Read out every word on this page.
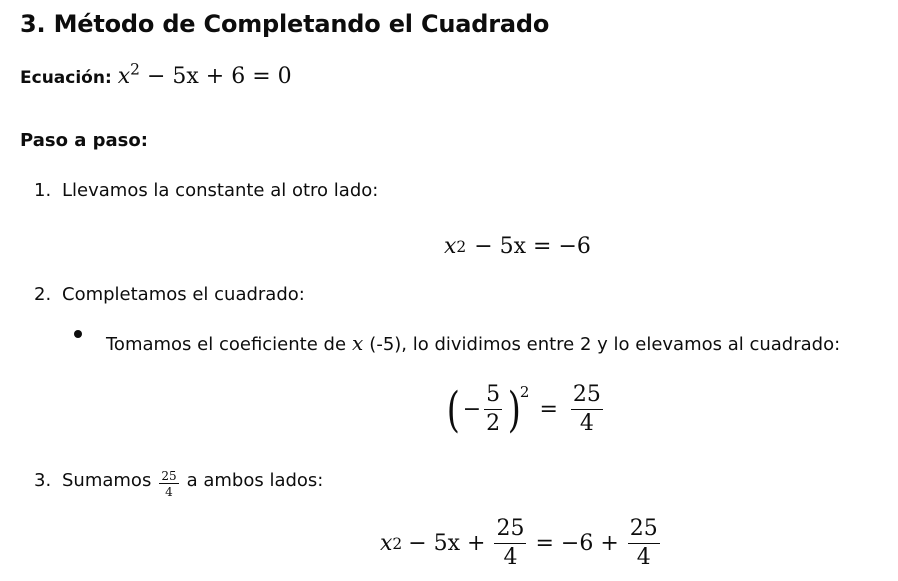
3. Método de Completando el Cuadrado
Ecuación: $x^2 - 5x + 6 = 0$
Paso a paso:
1. Llevamos la constante al otro lado:
x 2 − 5x = −6
2. Completamos el cuadrado:
Tomamos el coeficiente de x (-5), lo dividimos entre 2 y lo elevamos al cuadrado:
( − $\frac{5}{2}$ )
2
= $\frac{25}{4}$
3. Sumamos $\frac{25}{4}$ a ambos lados:
x $2 - 5x + \frac{25}{4} = -6 + \frac{25}{4}$
